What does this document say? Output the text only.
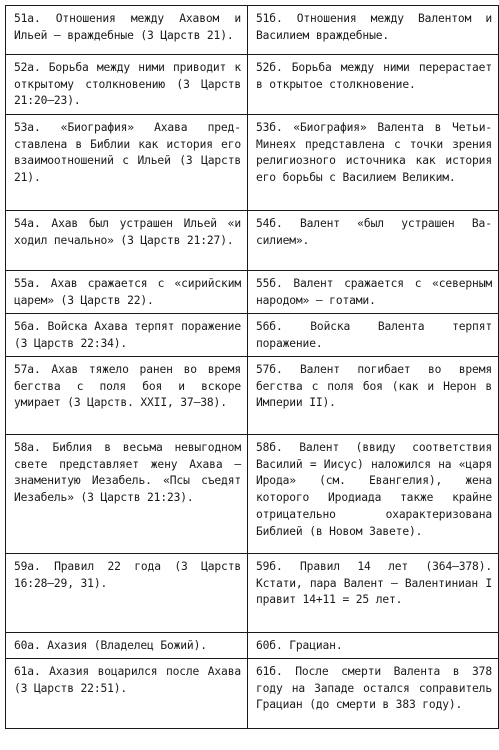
51а. Отношения между Ахавом и Ильей – враждебные (3 Царств 21).	51б. Отношения между Валентом и Василием враждебные.
52а. Борьба между ними приводит к открытому столкновению (3 Царств 21:20–23).	52б. Борьба между ними перерастает в открытое столкновение.
53а. «Биография» Ахава представлена в Библии как история его взаимоотношений с Ильей (3 Царств 21).	53б. «Биография» Валента в Четьи-Минеях представлена с точки зрения религиозного источника как история его борьбы с Василием Великим.
54а. Ахав был устрашен Ильей «и ходил печально» (3 Царств 21:27).	54б. Валент «был устрашен Василием».
55а. Ахав сражается с «сирийским царем» (3 Царств 22).	55б. Валент сражается с «северным народом» – готами.
56а. Войска Ахава терпят поражение (3 Царств 22:34).	56б. Войска Валента терпят поражение.
57а. Ахав тяжело ранен во время бегства с поля боя и вскоре умирает (3 Царств. XXII, 37–38).	57б. Валент погибает во время бегства с поля боя (как и Нерон в Империи II).
58а. Библия в весьма невыгодном свете представляет жену Ахава – знаменитую Иезабель. «Псы съедят Иезабель» (3 Царств 21:23).	58б. Валент (ввиду соответствия Василий = Иисус) наложился на «царя Ирода» (см. Евангелия), жена которого Иродиада также крайне отрицательно охарактеризована Библией (в Новом Завете).
59а. Правил 22 года (3 Царств 16:28–29, 31).	59б. Правил 14 лет (364–378). Кстати, пара Валент – Валентиниан I правит 14+11 = 25 лет.
60а. Ахазия (Владелец Божий).	60б. Грациан.
61а. Ахазия воцарился после Ахава (3 Царств 22:51).	61б. После смерти Валента в 378 году на Западе остался соправитель Грациан (до смерти в 383 году).
